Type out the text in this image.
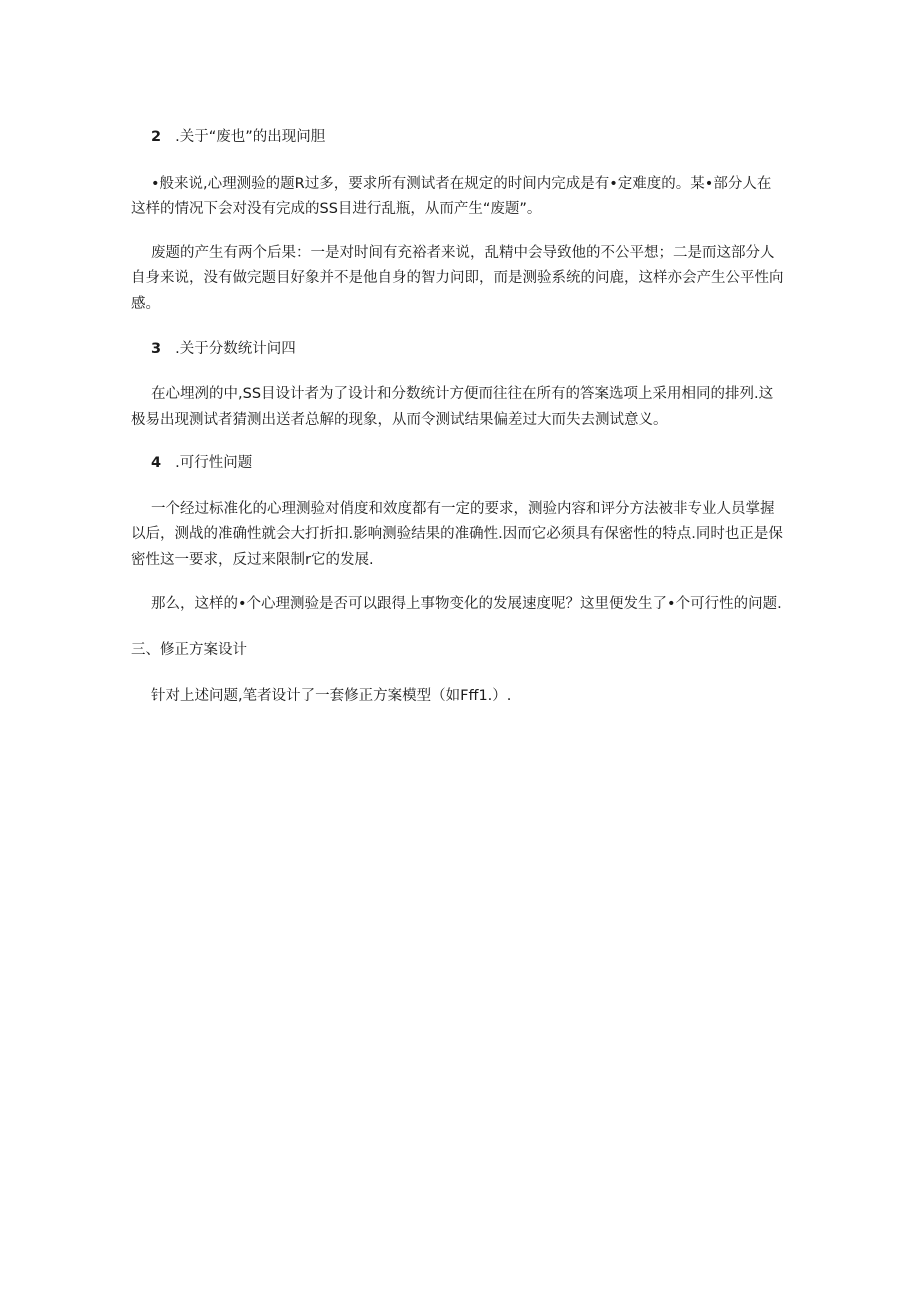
2 .关于“废也”的出现问胆
•般来说,心理测验的题R过多，要求所有测试者在规定的时间内完成是有•定难度的。某•部分人在
这样的情况下会对没有完成的SS目进行乱瓶，从而产生“废题”。
废题的产生有两个后果：一是对时间有充裕者来说，乱精中会导致他的不公平想；二是而这部分人
自身来说，没有做完题目好象并不是他自身的智力问即，而是测验系统的问鹿，这样亦会产生公平性向
感。
3 .关于分数统计问四
在心埋冽的中,SS目设计者为了设计和分数统计方便而往往在所有的答案选项上采用相同的排列.这
极易出现测试者猜测出送者总解的现象，从而令测试结果偏差过大而失去测试意义。
4 .可行性问题
一个经过标准化的心理测验对俏度和效度都有一定的要求，测验内容和评分方法被非专业人员掌握
以后，测战的准确性就会大打折扣.影响测验结果的准确性.因而它必须具有保密性的特点.同时也正是保
密性这一要求，反过来限制r它的发展.
那么，这样的•个心理测验是否可以跟得上事物变化的发展速度呢？这里便发生了•个可行性的问题.
三、修正方案设计
针对上述问题,笔者设计了一套修正方案模型（如Fff1.）.
